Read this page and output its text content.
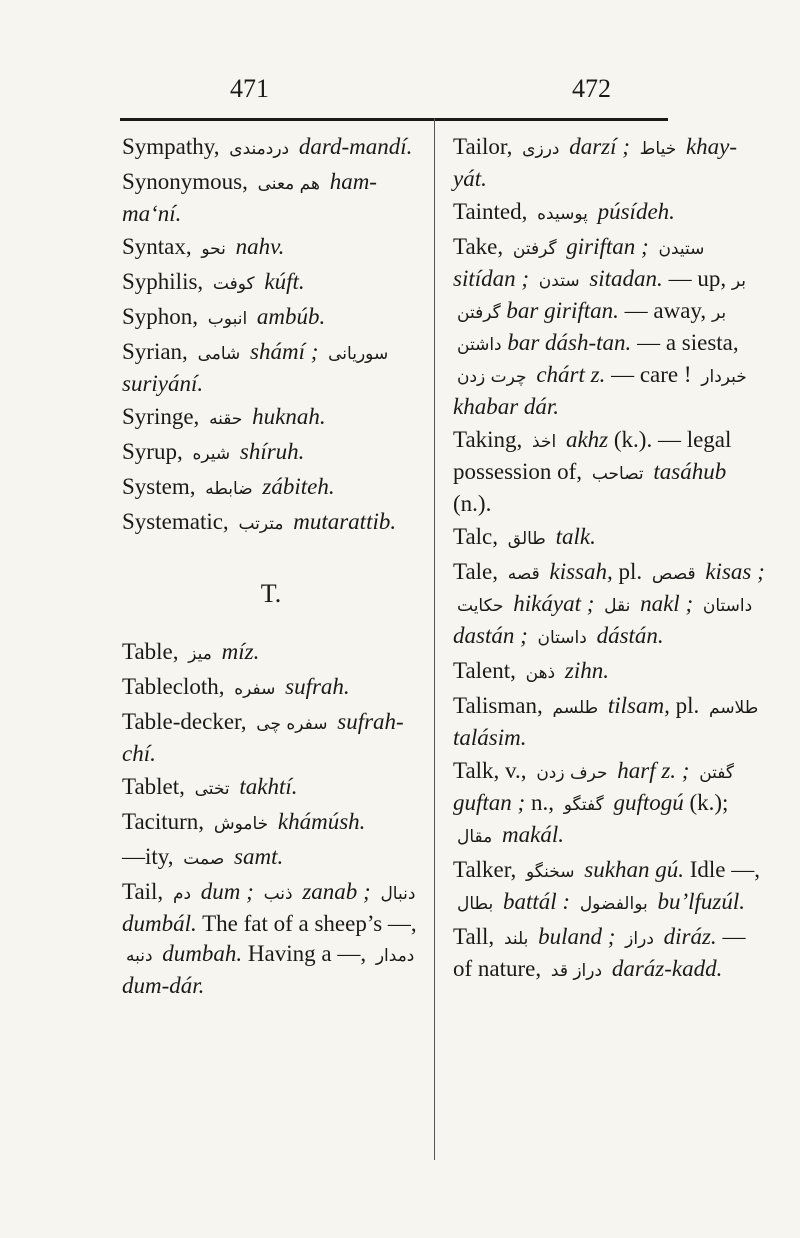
471	472
Sympathy, دردمندی dard-mandí.
Synonymous, هم معنی ham-maʻní.
Syntax, نحو nahv.
Syphilis, کوفت kúft.
Syphon, انبوب ambúb.
Syrian, شامی shámí ; سوریانی suriyání.
Syringe, حقنه huknah.
Syrup, شیره shíruh.
System, ضابطه zábiteh.
Systematic, مترتب mutarattib.
T.
Table, میز míz.
Tablecloth, سفره sufrah.
Table-decker, سفره چی sufrah-chí.
Tablet, تختی takhtí.
Taciturn, خاموش khámúsh.
—ity, صمت samt.
Tail, دم dum ; ذنب zanab ; دنبال dumbál. The fat of a sheep’s —, دنبه dumbah. Having a —, دمدار dum-dár.
Tailor, درزی darzí ; خیاط khay-yát.
Tainted, پوسیده púsídeh.
Take, گرفتن giriftan ; ستیدن sitídan ; ستدن sitadan. — up, بر گرفتن bar giriftan. — away, بر داشتن bar dásh-tan. — a siesta, چرت زدن chárt z. — care ! خبردار khabar dár.
Taking, اخذ akhz (k.). — legal possession of, تصاحب tasáhub (n.).
Talc, طالق talk.
Tale, قصه kissah, pl. قصص kisas ; حکایت hikáyat ; نقل nakl ; داستان dastán ; داستان dástán.
Talent, ذهن zihn.
Talisman, طلسم tilsam, pl. طلاسم talásim.
Talk, v., حرف زدن harf z. ; گفتن guftan ; n., گفتگو guftogú (k.); مقال makál.
Talker, سخنگو sukhan gú. Idle —, بطال battál : بوالفضول bu’lfuzúl.
Tall, بلند buland ; دراز diráz. — of nature, دراز قد daráz-kadd.
